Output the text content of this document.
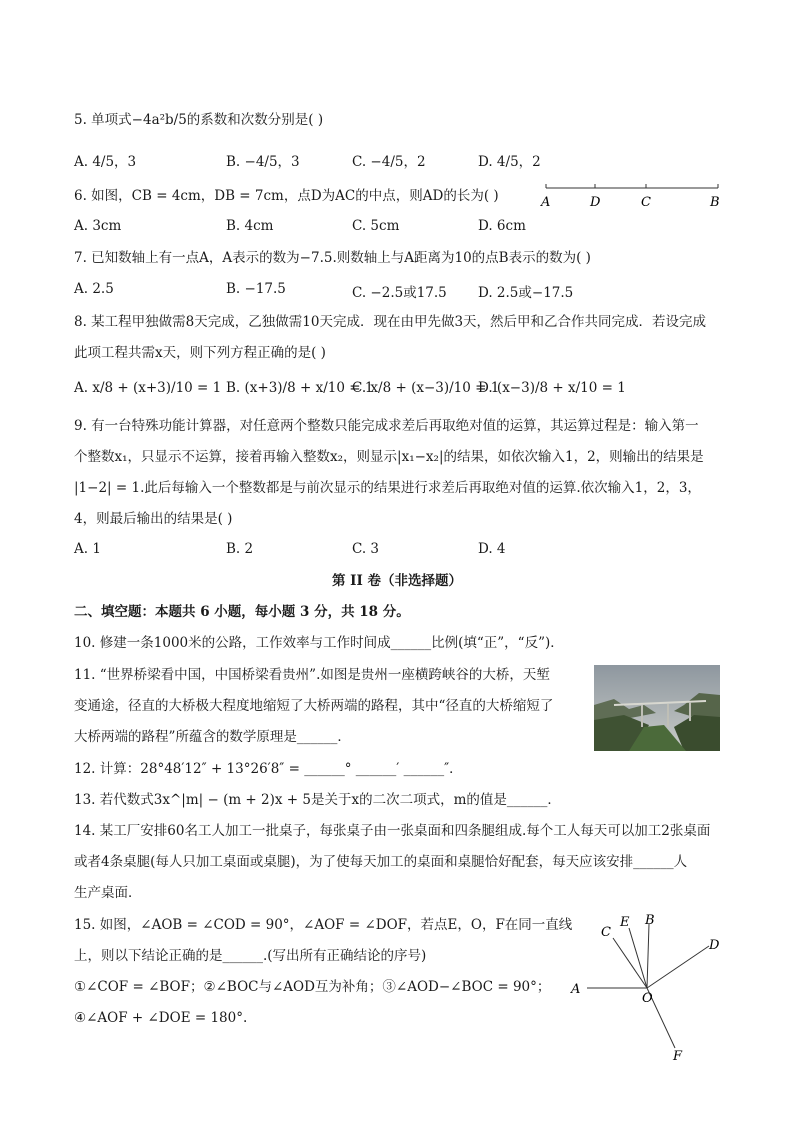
5. 单项式−4a²b/5的系数和次数分别是( )
A. 4/5，3	B. −4/5，3	C. −4/5，2	D. 4/5，2
6. 如图，CB = 4cm，DB = 7cm，点D为AC的中点，则AD的长为( )	A	D	C	B
A. 3cm	B. 4cm	C. 5cm	D. 6cm
7. 已知数轴上有一点A，A表示的数为−7.5.则数轴上与A距离为10的点B表示的数为( )
A. 2.5	B. −17.5	C. −2.5或17.5 D. 2.5或−17.5
8. 某工程甲独做需8天完成，乙独做需10天完成．现在由甲先做3天，然后甲和乙合作共同完成．若设完成
此项工程共需x天，则下列方程正确的是( )
A. x/8 + (x+3)/10 = 1 B. (x+3)/8 + x/10 = 1
C. x/8 + (x−3)/10 = 1
D. (x−3)/8 + x/10 = 1
9. 有一台特殊功能计算器，对任意两个整数只能完成求差后再取绝对值的运算，其运算过程是：输入第一
个整数x₁，只显示不运算，接着再输入整数x₂，则显示|x₁−x₂|的结果，如依次输入1，2，则输出的结果是
|1−2| = 1.此后每输入一个整数都是与前次显示的结果进行求差后再取绝对值的运算.依次输入1，2，3，
4，则最后输出的结果是( )
A. 1	B. 2	C. 3	D. 4
第 II 卷（非选择题）
二、填空题：本题共 6 小题，每小题 3 分，共 18 分。
10. 修建一条1000米的公路，工作效率与工作时间成______比例(填“正”，“反”)．
11. “世界桥梁看中国，中国桥梁看贵州”.如图是贵州一座横跨峡谷的大桥，天堑
变通途，径直的大桥极大程度地缩短了大桥两端的路程，其中“径直的大桥缩短了
大桥两端的路程”所蕴含的数学原理是______．
12. 计算：28°48′12″ + 13°26′8″ = ______° ______′ ______″．
13. 若代数式3x^|m| − (m + 2)x + 5是关于x的二次二项式，m的值是______．
14. 某工厂安排60名工人加工一批桌子，每张桌子由一张桌面和四条腿组成.每个工人每天可以加工2张桌面
或者4条桌腿(每人只加工桌面或桌腿)，为了使每天加工的桌面和桌腿恰好配套，每天应该安排______人
生产桌面．
15. 如图，∠AOB = ∠COD = 90°，∠AOF = ∠DOF，若点E，O，F在同一直线
上，则以下结论正确的是______.(写出所有正确结论的序号)
①∠COF = ∠BOF；②∠BOC与∠AOD互为补角；③∠AOD−∠BOC = 90°；
④∠AOF + ∠DOE = 180°.
C
E B
D
A
O
F
